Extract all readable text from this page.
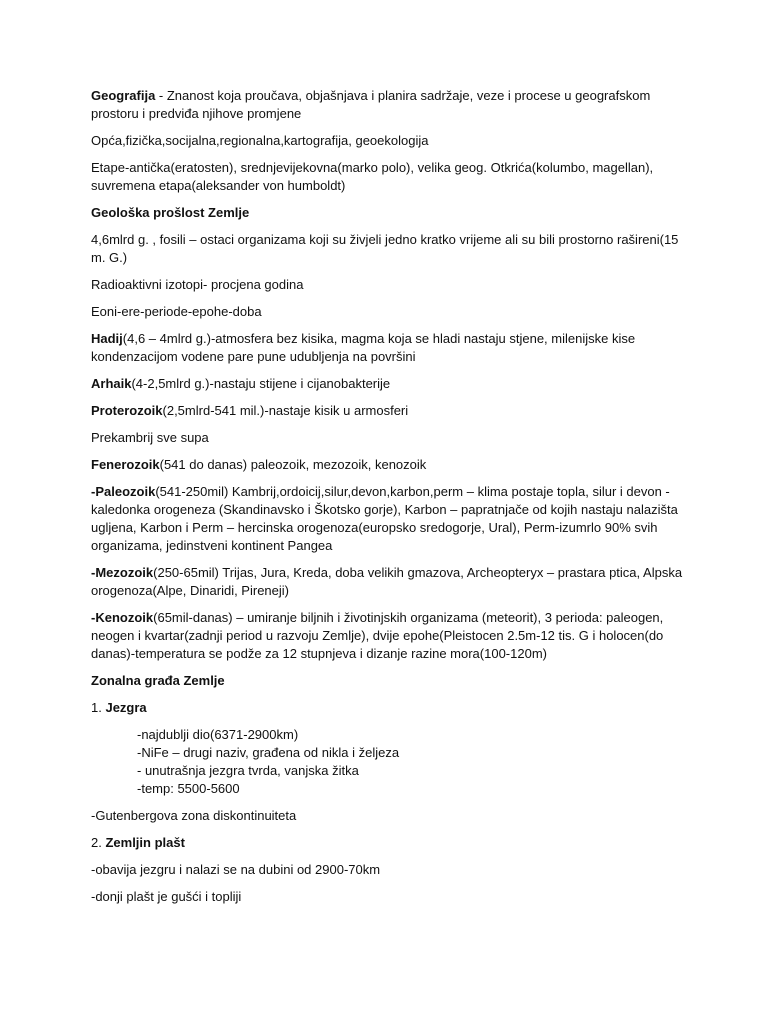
Geografija - Znanost koja proučava, objašnjava i planira sadržaje, veze i procese u geografskom prostoru i predviđa njihove promjene

Opća,fizička,socijalna,regionalna,kartografija, geoekologija

Etape-antička(eratosten), srednjevijekovna(marko polo), velika geog. Otkrića(kolumbo, magellan), suvremena etapa(aleksander von humboldt)

Geološka prošlost Zemlje

4,6mlrd g. , fosili – ostaci organizama koji su živjeli jedno kratko vrijeme ali su bili prostorno rašireni(15 m. G.)

Radioaktivni izotopi- procjena godina

Eoni-ere-periode-epohe-doba

Hadij(4,6 – 4mlrd g.)-atmosfera bez kisika, magma koja se hladi nastaju stjene, milenijske kise kondenzacijom vodene pare pune udubljenja na površini

Arhaik(4-2,5mlrd g.)-nastaju stijene i cijanobakterije

Proterozoik(2,5mlrd-541 mil.)-nastaje kisik u armosferi

Prekambrij sve supa

Fenerozoik(541 do danas) paleozoik, mezozoik, kenozoik

-Paleozoik(541-250mil) Kambrij,ordoicij,silur,devon,karbon,perm – klima postaje topla, silur i devon - kaledonka orogeneza (Skandinavsko i Škotsko gorje), Karbon – papratnjače od kojih nastaju nalazišta ugljena, Karbon i Perm – hercinska orogenoza(europsko sredogorje, Ural), Perm-izumrlo 90% svih organizama, jedinstveni kontinent Pangea

-Mezozoik(250-65mil) Trijas, Jura, Kreda, doba velikih gmazova, Archeopteryx – prastara ptica, Alpska orogenoza(Alpe, Dinaridi, Pireneji)

-Kenozoik(65mil-danas) – umiranje biljnih i životinjskih organizama (meteorit), 3 perioda: paleogen, neogen i kvartar(zadnji period u razvoju Zemlje), dvije epohe(Pleistocen 2.5m-12 tis. G i holocen(do danas)-temperatura se podže za 12 stupnjeva i dizanje razine mora(100-120m)

Zonalna građa Zemlje

1. Jezgra

-najdublji dio(6371-2900km)
-NiFe – drugi naziv, građena od nikla i željeza
- unutrašnja jezgra tvrda, vanjska žitka
-temp: 5500-5600

-Gutenbergova zona diskontinuiteta

2. Zemljin plašt

-obavija jezgru i nalazi se na dubini od 2900-70km

-donji plašt je gušći i topliji
